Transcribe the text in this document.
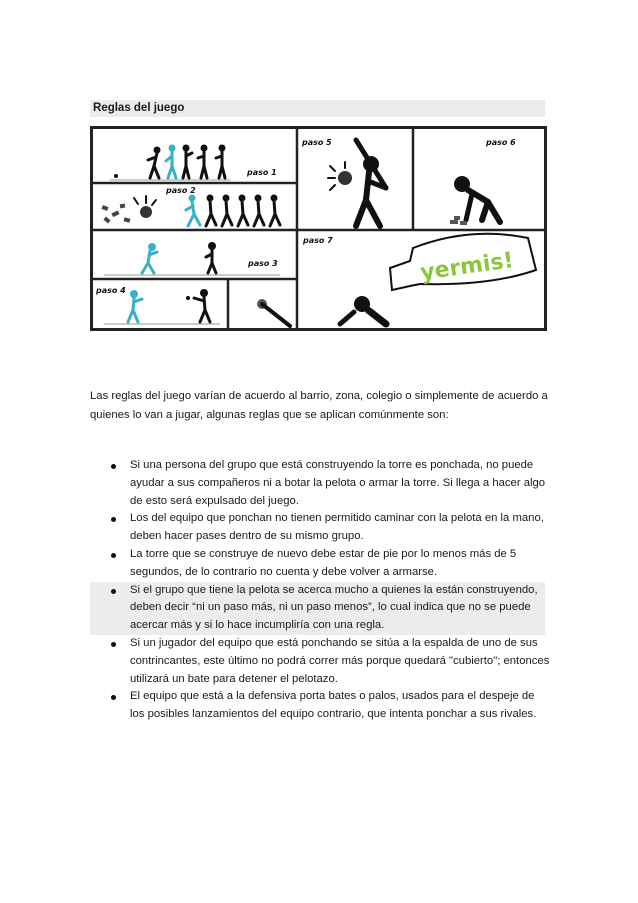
Reglas del juego
paso 1
paso 2
paso 3
paso 4
paso 5	paso 6
paso 7
yermis!

Las reglas del juego varían de acuerdo al barrio, zona, colegio o simplemente de acuerdo a quienes lo van a jugar, algunas reglas que se aplican comúnmente son:

Si una persona del grupo que está construyendo la torre es ponchada, no puede ayudar a sus compañeros ni a botar la pelota o armar la torre. Si llega a hacer algo de esto será expulsado del juego.
Los del equipo que ponchan no tienen permitido caminar con la pelota en la mano, deben hacer pases dentro de su mismo grupo.
La torre que se construye de nuevo debe estar de pie por lo menos más de 5 segundos, de lo contrario no cuenta y debe volver a armarse.
Si el grupo que tiene la pelota se acerca mucho a quienes la están construyendo, deben decir “ni un paso más, ni un paso menos”, lo cual indica que no se puede acercar más y si lo hace incumpliría con una regla.
Si un jugador del equipo que está ponchando se sitúa a la espalda de uno de sus contrincantes, este último no podrá correr más porque quedará "cubierto"; entonces utilizará un bate para detener el pelotazo.
El equipo que está a la defensiva porta bates o palos, usados para el despeje de los posibles lanzamientos del equipo contrario, que intenta ponchar a sus rivales.
